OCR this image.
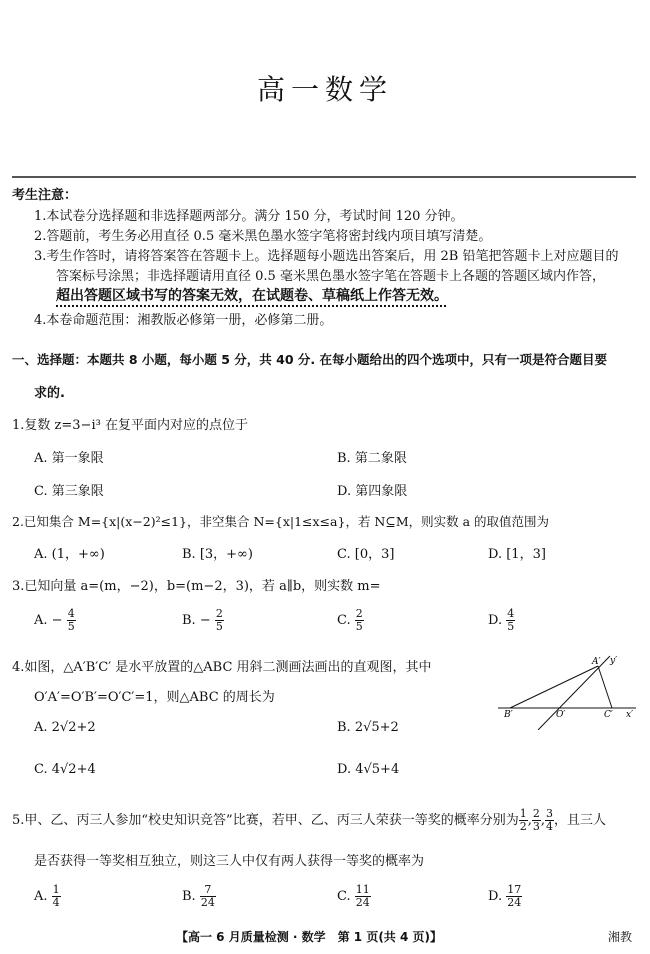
高一数学
考生注意：
1.本试卷分选择题和非选择题两部分。满分 150 分，考试时间 120 分钟。
2.答题前，考生务必用直径 0.5 毫米黑色墨水签字笔将密封线内项目填写清楚。
3.考生作答时，请将答案答在答题卡上。选择题每小题选出答案后，用 2B 铅笔把答题卡上对应题目的
答案标号涂黑；非选择题请用直径 0.5 毫米黑色墨水签字笔在答题卡上各题的答题区域内作答，
超出答题区域书写的答案无效，在试题卷、草稿纸上作答无效。
4.本卷命题范围：湘教版必修第一册，必修第二册。
一、选择题：本题共 8 小题，每小题 5 分，共 40 分. 在每小题给出的四个选项中，只有一项是符合题目要
求的.
1.复数 z=3−i³ 在复平面内对应的点位于
A. 第一象限	B. 第二象限
C. 第三象限	D. 第四象限
2.已知集合 M={x|(x−2)²≤1}，非空集合 N={x|1≤x≤a}，若 N⊆M，则实数 a 的取值范围为
A. (1，+∞)	B. [3，+∞)	C. [0，3]	D. [1，3]
3.已知向量 a=(m，−2)，b=(m−2，3)，若 a∥b，则实数 m=
A. − $\frac{4}{5}$	B. − $\frac{2}{5}$	C. $\frac{2}{5}$	D. $\frac{4}{5}$
4.如图，△A′B′C′ 是水平放置的△ABC 用斜二测画法画出的直观图，其中
O′A′=O′B′=O′C′=1，则△ABC 的周长为
A. 2√2+2	B. 2√5+2
C. 4√2+4	D. 4√5+4
A′ y′
B′	O′	C′ x′
5.甲、乙、丙三人参加“校史知识竞答”比赛，若甲、乙、丙三人荣获一等奖的概率分别为 $\frac{1}{2}$ , $\frac{2}{3}$ , $\frac{3}{4}$ ，且三人
是否获得一等奖相互独立，则这三人中仅有两人获得一等奖的概率为
A. $\frac{1}{4}$	B. $\frac{7}{24}$	C. $\frac{11}{24}$	D. $\frac{17}{24}$
【高一 6 月质量检测 · 数学　第 1 页(共 4 页)】	湘教
